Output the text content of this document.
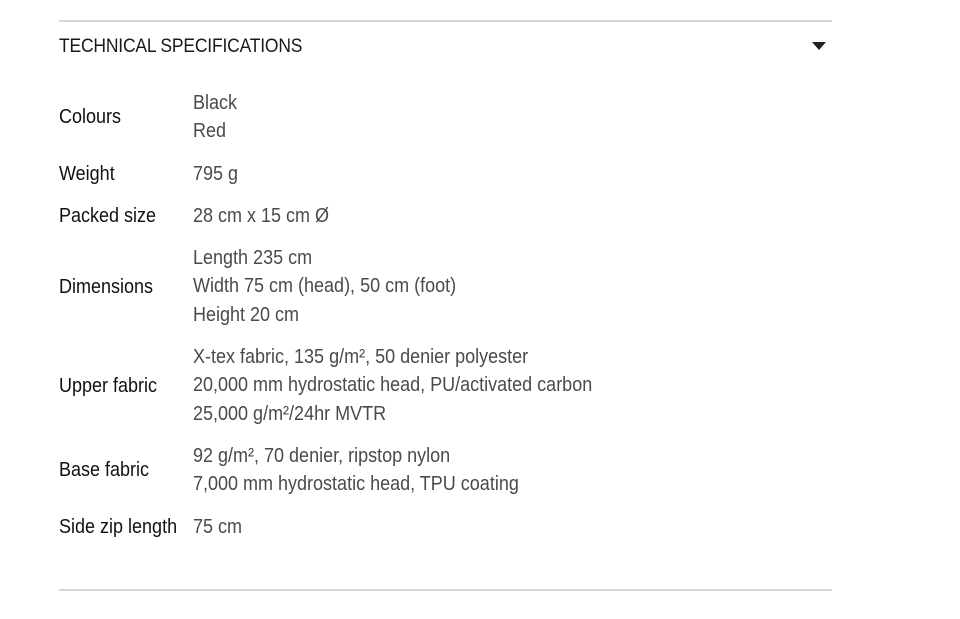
TECHNICAL SPECIFICATIONS
Colours
Black
Red
Weight	795 g
Packed size	28 cm x 15 cm Ø
Dimensions
Length 235 cm
Width 75 cm (head), 50 cm (foot)
Height 20 cm
Upper fabric
X-tex fabric, 135 g/m², 50 denier polyester
20,000 mm hydrostatic head, PU/activated carbon
25,000 g/m²/24hr MVTR
Base fabric
92 g/m², 70 denier, ripstop nylon
7,000 mm hydrostatic head, TPU coating
Side zip length 75 cm
